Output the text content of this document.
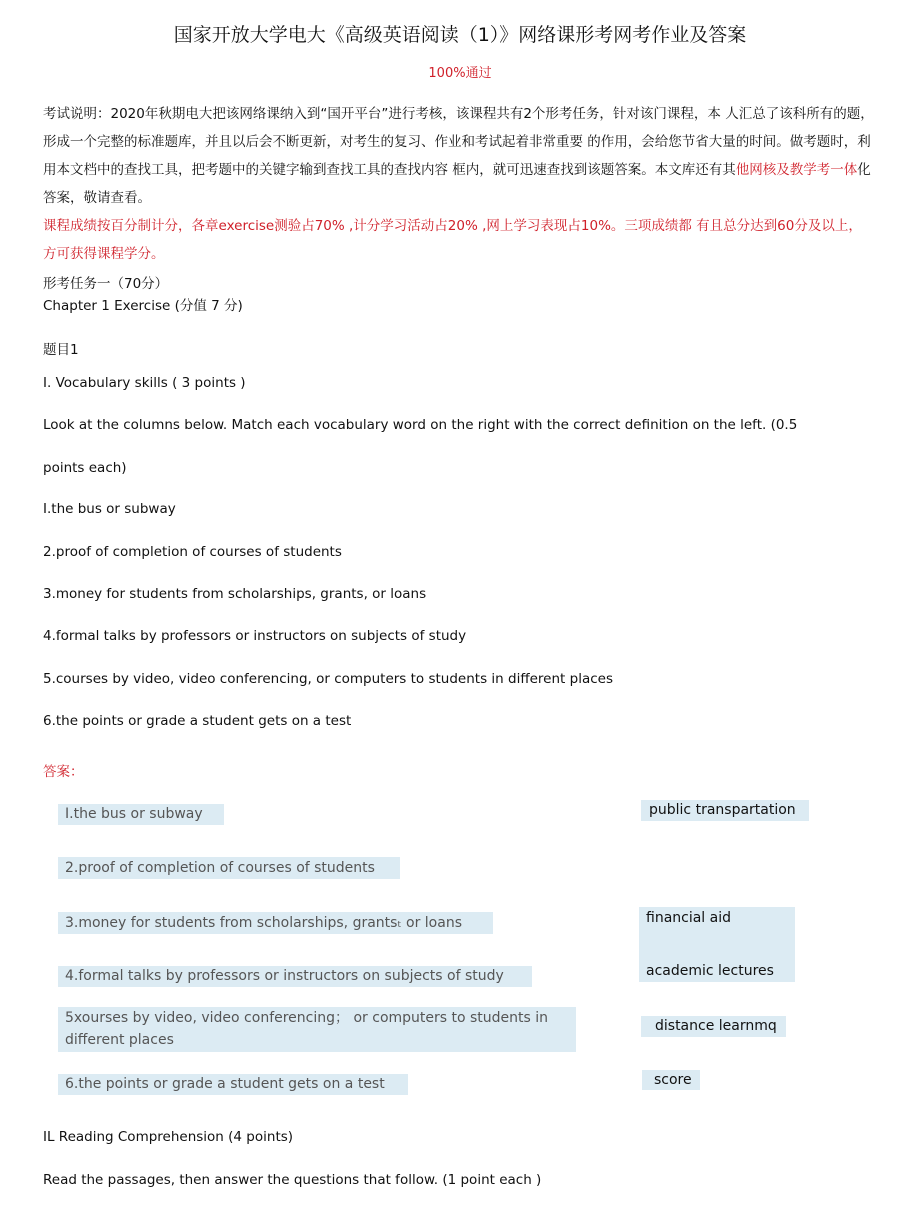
国家开放大学电大《高级英语阅读（1）》网络课形考网考作业及答案
100%通过
考试说明：2020年秋期电大把该网络课纳入到“国开平台”进行考核，该课程共有2个形考任务，针对该门课程，本 人汇总了该科所有的题，形成一个完整的标准题库，并且以后会不断更新，对考生的复习、作业和考试起着非常重要 的作用，会给您节省大量的时间。做考题时，利用本文档中的查找工具，把考题中的关键字输到查找工具的查找内容 框内，就可迅速查找到该题答案。本文库还有其他网核及教学考一体化答案，敬请查看。
课程成绩按百分制计分，各章exercise测验占70% ,计分学习活动占20% ,网上学习表现占10%。三项成绩都 有且总分达到60分及以上， 方可获得课程学分。
形考任务一（70分）
Chapter 1 Exercise (分值 7 分)
题目1
I. Vocabulary skills ( 3 points )
Look at the columns below. Match each vocabulary word on the right with the correct definition on the left. (0.5
points each)
I.the bus or subway
2.proof of completion of courses of students
3.money for students from scholarships, grants, or loans
4.formal talks by professors or instructors on subjects of study
5.courses by video, video conferencing, or computers to students in different places
6.the points or grade a student gets on a test
答案：
I.the bus or subway
2.proof of completion of courses of students
3.money for students from scholarships, grantsₜ or loans
4.formal talks by professors or instructors on subjects of study
5xourses by video, video conferencing； or computers to students in
different places
6.the points or grade a student gets on a test
public transpartation
financial aid
academic lectures
distance learnmq
score
IL Reading Comprehension (4 points)
Read the passages, then answer the questions that follow. (1 point each )
